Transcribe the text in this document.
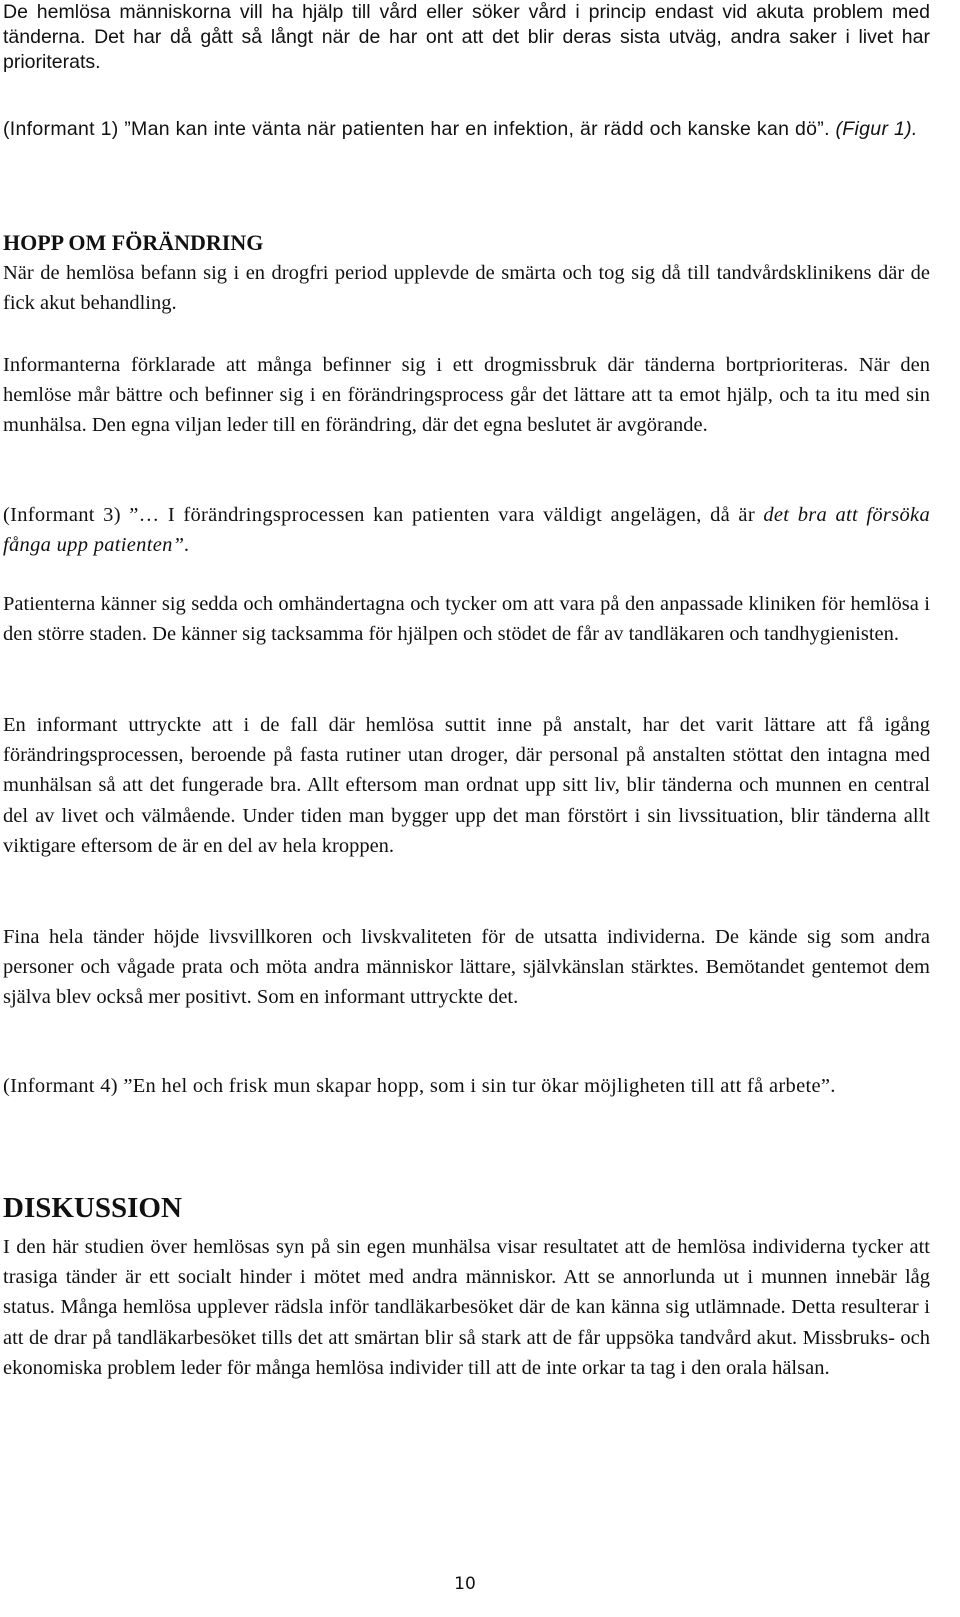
De hemlösa människorna vill ha hjälp till vård eller söker vård i princip endast vid akuta problem med tänderna. Det har då gått så långt när de har ont att det blir deras sista utväg, andra saker i livet har prioriterats.
(Informant 1) ”Man kan inte vänta när patienten har en infektion, är rädd och kanske kan dö”. (Figur 1).
HOPP OM FÖRÄNDRING
När de hemlösa befann sig i en drogfri period upplevde de smärta och tog sig då till tandvårdsklinikens där de fick akut behandling.
Informanterna förklarade att många befinner sig i ett drogmissbruk där tänderna bortprioriteras. När den hemlöse mår bättre och befinner sig i en förändringsprocess går det lättare att ta emot hjälp, och ta itu med sin munhälsa. Den egna viljan leder till en förändring, där det egna beslutet är avgörande.
(Informant 3) ”… I förändringsprocessen kan patienten vara väldigt angelägen, då är det bra att försöka fånga upp patienten”.
Patienterna känner sig sedda och omhändertagna och tycker om att vara på den anpassade kliniken för hemlösa i den större staden. De känner sig tacksamma för hjälpen och stödet de får av tandläkaren och tandhygienisten.
En informant uttryckte att i de fall där hemlösa suttit inne på anstalt, har det varit lättare att få igång förändringsprocessen, beroende på fasta rutiner utan droger, där personal på anstalten stöttat den intagna med munhälsan så att det fungerade bra. Allt eftersom man ordnat upp sitt liv, blir tänderna och munnen en central del av livet och välmående. Under tiden man bygger upp det man förstört i sin livssituation, blir tänderna allt viktigare eftersom de är en del av hela kroppen.
Fina hela tänder höjde livsvillkoren och livskvaliteten för de utsatta individerna. De kände sig som andra personer och vågade prata och möta andra människor lättare, självkänslan stärktes. Bemötandet gentemot dem själva blev också mer positivt. Som en informant uttryckte det.
(Informant 4) ”En hel och frisk mun skapar hopp, som i sin tur ökar möjligheten till att få arbete”.
DISKUSSION
I den här studien över hemlösas syn på sin egen munhälsa visar resultatet att de hemlösa individerna tycker att trasiga tänder är ett socialt hinder i mötet med andra människor. Att se annorlunda ut i munnen innebär låg status. Många hemlösa upplever rädsla inför tandläkarbesöket där de kan känna sig utlämnade. Detta resulterar i att de drar på tandläkarbesöket tills det att smärtan blir så stark att de får uppsöka tandvård akut. Missbruks- och ekonomiska problem leder för många hemlösa individer till att de inte orkar ta tag i den orala hälsan.
10
